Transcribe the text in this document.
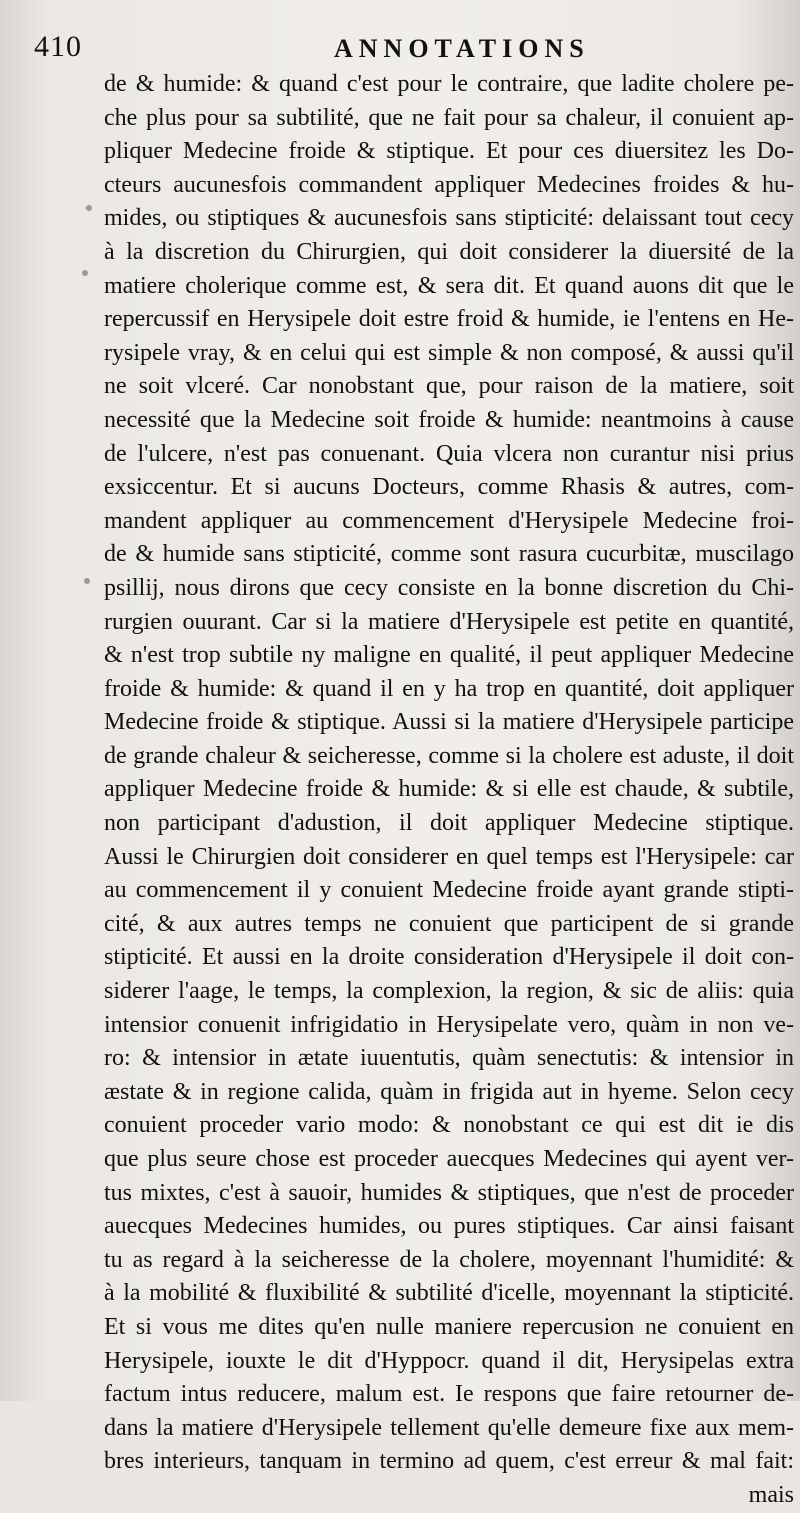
410	ANNOTATIONS
de & humide: & quand c'est pour le contraire, que ladite cholere pe-
che plus pour sa subtilité, que ne fait pour sa chaleur, il conuient ap-
pliquer Medecine froide & stiptique. Et pour ces diuersitez les Do-
cteurs aucunesfois commandent appliquer Medecines froides & hu-
mides, ou stiptiques & aucunesfois sans stipticité: delaissant tout cecy
à la discretion du Chirurgien, qui doit considerer la diuersité de la
matiere cholerique comme est, & sera dit. Et quand auons dit que le
repercussif en Herysipele doit estre froid & humide, ie l'entens en He-
rysipele vray, & en celui qui est simple & non composé, & aussi qu'il
ne soit vlceré. Car nonobstant que, pour raison de la matiere, soit
necessité que la Medecine soit froide & humide: neantmoins à cause
de l'ulcere, n'est pas conuenant. Quia vlcera non curantur nisi prius
exsiccentur. Et si aucuns Docteurs, comme Rhasis & autres, com-
mandent appliquer au commencement d'Herysipele Medecine froi-
de & humide sans stipticité, comme sont rasura cucurbitæ, muscilago
psillij, nous dirons que cecy consiste en la bonne discretion du Chi-
rurgien ouurant. Car si la matiere d'Herysipele est petite en quantité,
& n'est trop subtile ny maligne en qualité, il peut appliquer Medecine
froide & humide: & quand il en y ha trop en quantité, doit appliquer
Medecine froide & stiptique. Aussi si la matiere d'Herysipele participe
de grande chaleur & seicheresse, comme si la cholere est aduste, il doit
appliquer Medecine froide & humide: & si elle est chaude, & subtile,
non participant d'adustion, il doit appliquer Medecine stiptique.
Aussi le Chirurgien doit considerer en quel temps est l'Herysipele: car
au commencement il y conuient Medecine froide ayant grande stipti-
cité, & aux autres temps ne conuient que participent de si grande
stipticité. Et aussi en la droite consideration d'Herysipele il doit con-
siderer l'aage, le temps, la complexion, la region, & sic de aliis: quia
intensior conuenit infrigidatio in Herysipelate vero, quàm in non ve-
ro: & intensior in ætate iuuentutis, quàm senectutis: & intensior in
æstate & in regione calida, quàm in frigida aut in hyeme. Selon cecy
conuient proceder vario modo: & nonobstant ce qui est dit ie dis
que plus seure chose est proceder auecques Medecines qui ayent ver-
tus mixtes, c'est à sauoir, humides & stiptiques, que n'est de proceder
auecques Medecines humides, ou pures stiptiques. Car ainsi faisant
tu as regard à la seicheresse de la cholere, moyennant l'humidité: &
à la mobilité & fluxibilité & subtilité d'icelle, moyennant la stipticité.
Et si vous me dites qu'en nulle maniere repercusion ne conuient en
Herysipele, iouxte le dit d'Hyppocr. quand il dit, Herysipelas extra
factum intus reducere, malum est. Ie respons que faire retourner de-
dans la matiere d'Herysipele tellement qu'elle demeure fixe aux mem-
bres interieurs, tanquam in termino ad quem, c'est erreur & mal fait:
mais
